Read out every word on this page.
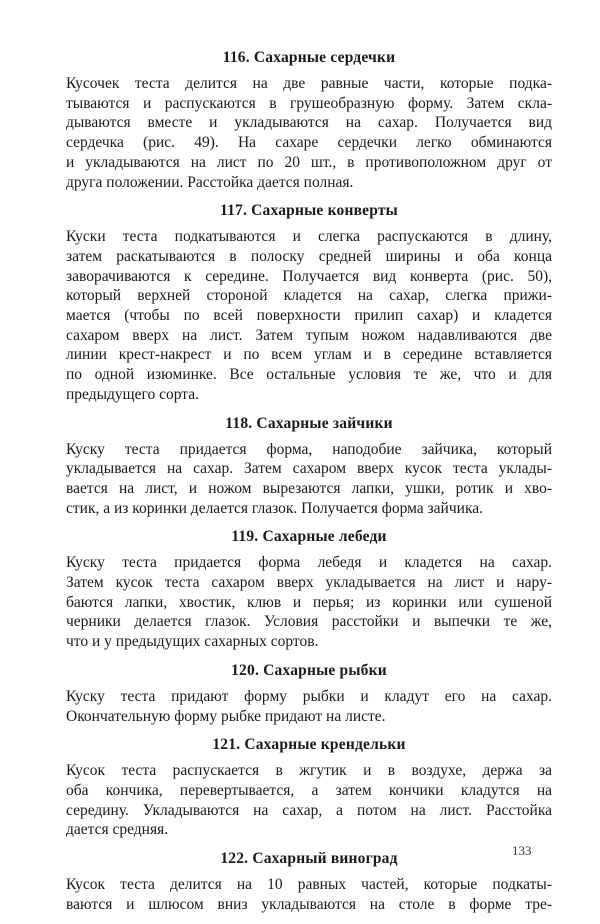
116. Сахарные сердечки
Кусочек теста делится на две равные части, которые подка-
тываются и распускаются в грушеобразную форму. Затем скла-
дываются вместе и укладываются на сахар. Получается вид
сердечка (рис. 49). На сахаре сердечки легко обминаются
и укладываются на лист по 20 шт., в противоположном друг от
друга положении. Расстойка дается полная.
117. Сахарные конверты
Куски теста подкатываются и слегка распускаются в длину,
затем раскатываются в полоску средней ширины и оба конца
заворачиваются к середине. Получается вид конверта (рис. 50),
который верхней стороной кладется на сахар, слегка прижи-
мается (чтобы по всей поверхности прилип сахар) и кладется
сахаром вверх на лист. Затем тупым ножом надавливаются две
линии крест-накрест и по всем углам и в середине вставляется
по одной изюминке. Все остальные условия те же, что и для
предыдущего сорта.
118. Сахарные зайчики
Куску теста придается форма, наподобие зайчика, который
укладывается на сахар. Затем сахаром вверх кусок теста уклады-
вается на лист, и ножом вырезаются лапки, ушки, ротик и хво-
стик, а из коринки делается глазок. Получается форма зайчика.
119. Сахарные лебеди
Куску теста придается форма лебедя и кладется на сахар.
Затем кусок теста сахаром вверх укладывается на лист и нару-
баются лапки, хвостик, клюв и перья; из коринки или сушеной
черники делается глазок. Условия расстойки и выпечки те же,
что и у предыдущих сахарных сортов.
120. Сахарные рыбки
Куску теста придают форму рыбки и кладут его на сахар.
Окончательную форму рыбке придают на листе.
121. Сахарные крендельки
Кусок теста распускается в жгутик и в воздухе, держа за
оба кончика, перевертывается, а затем кончики кладутся на
середину. Укладываются на сахар, а потом на лист. Расстойка
дается средняя.
122. Сахарный виноград
Кусок теста делится на 10 равных частей, которые подкаты-
ваются и шлюсом вниз укладываются на столе в форме тре-
133
